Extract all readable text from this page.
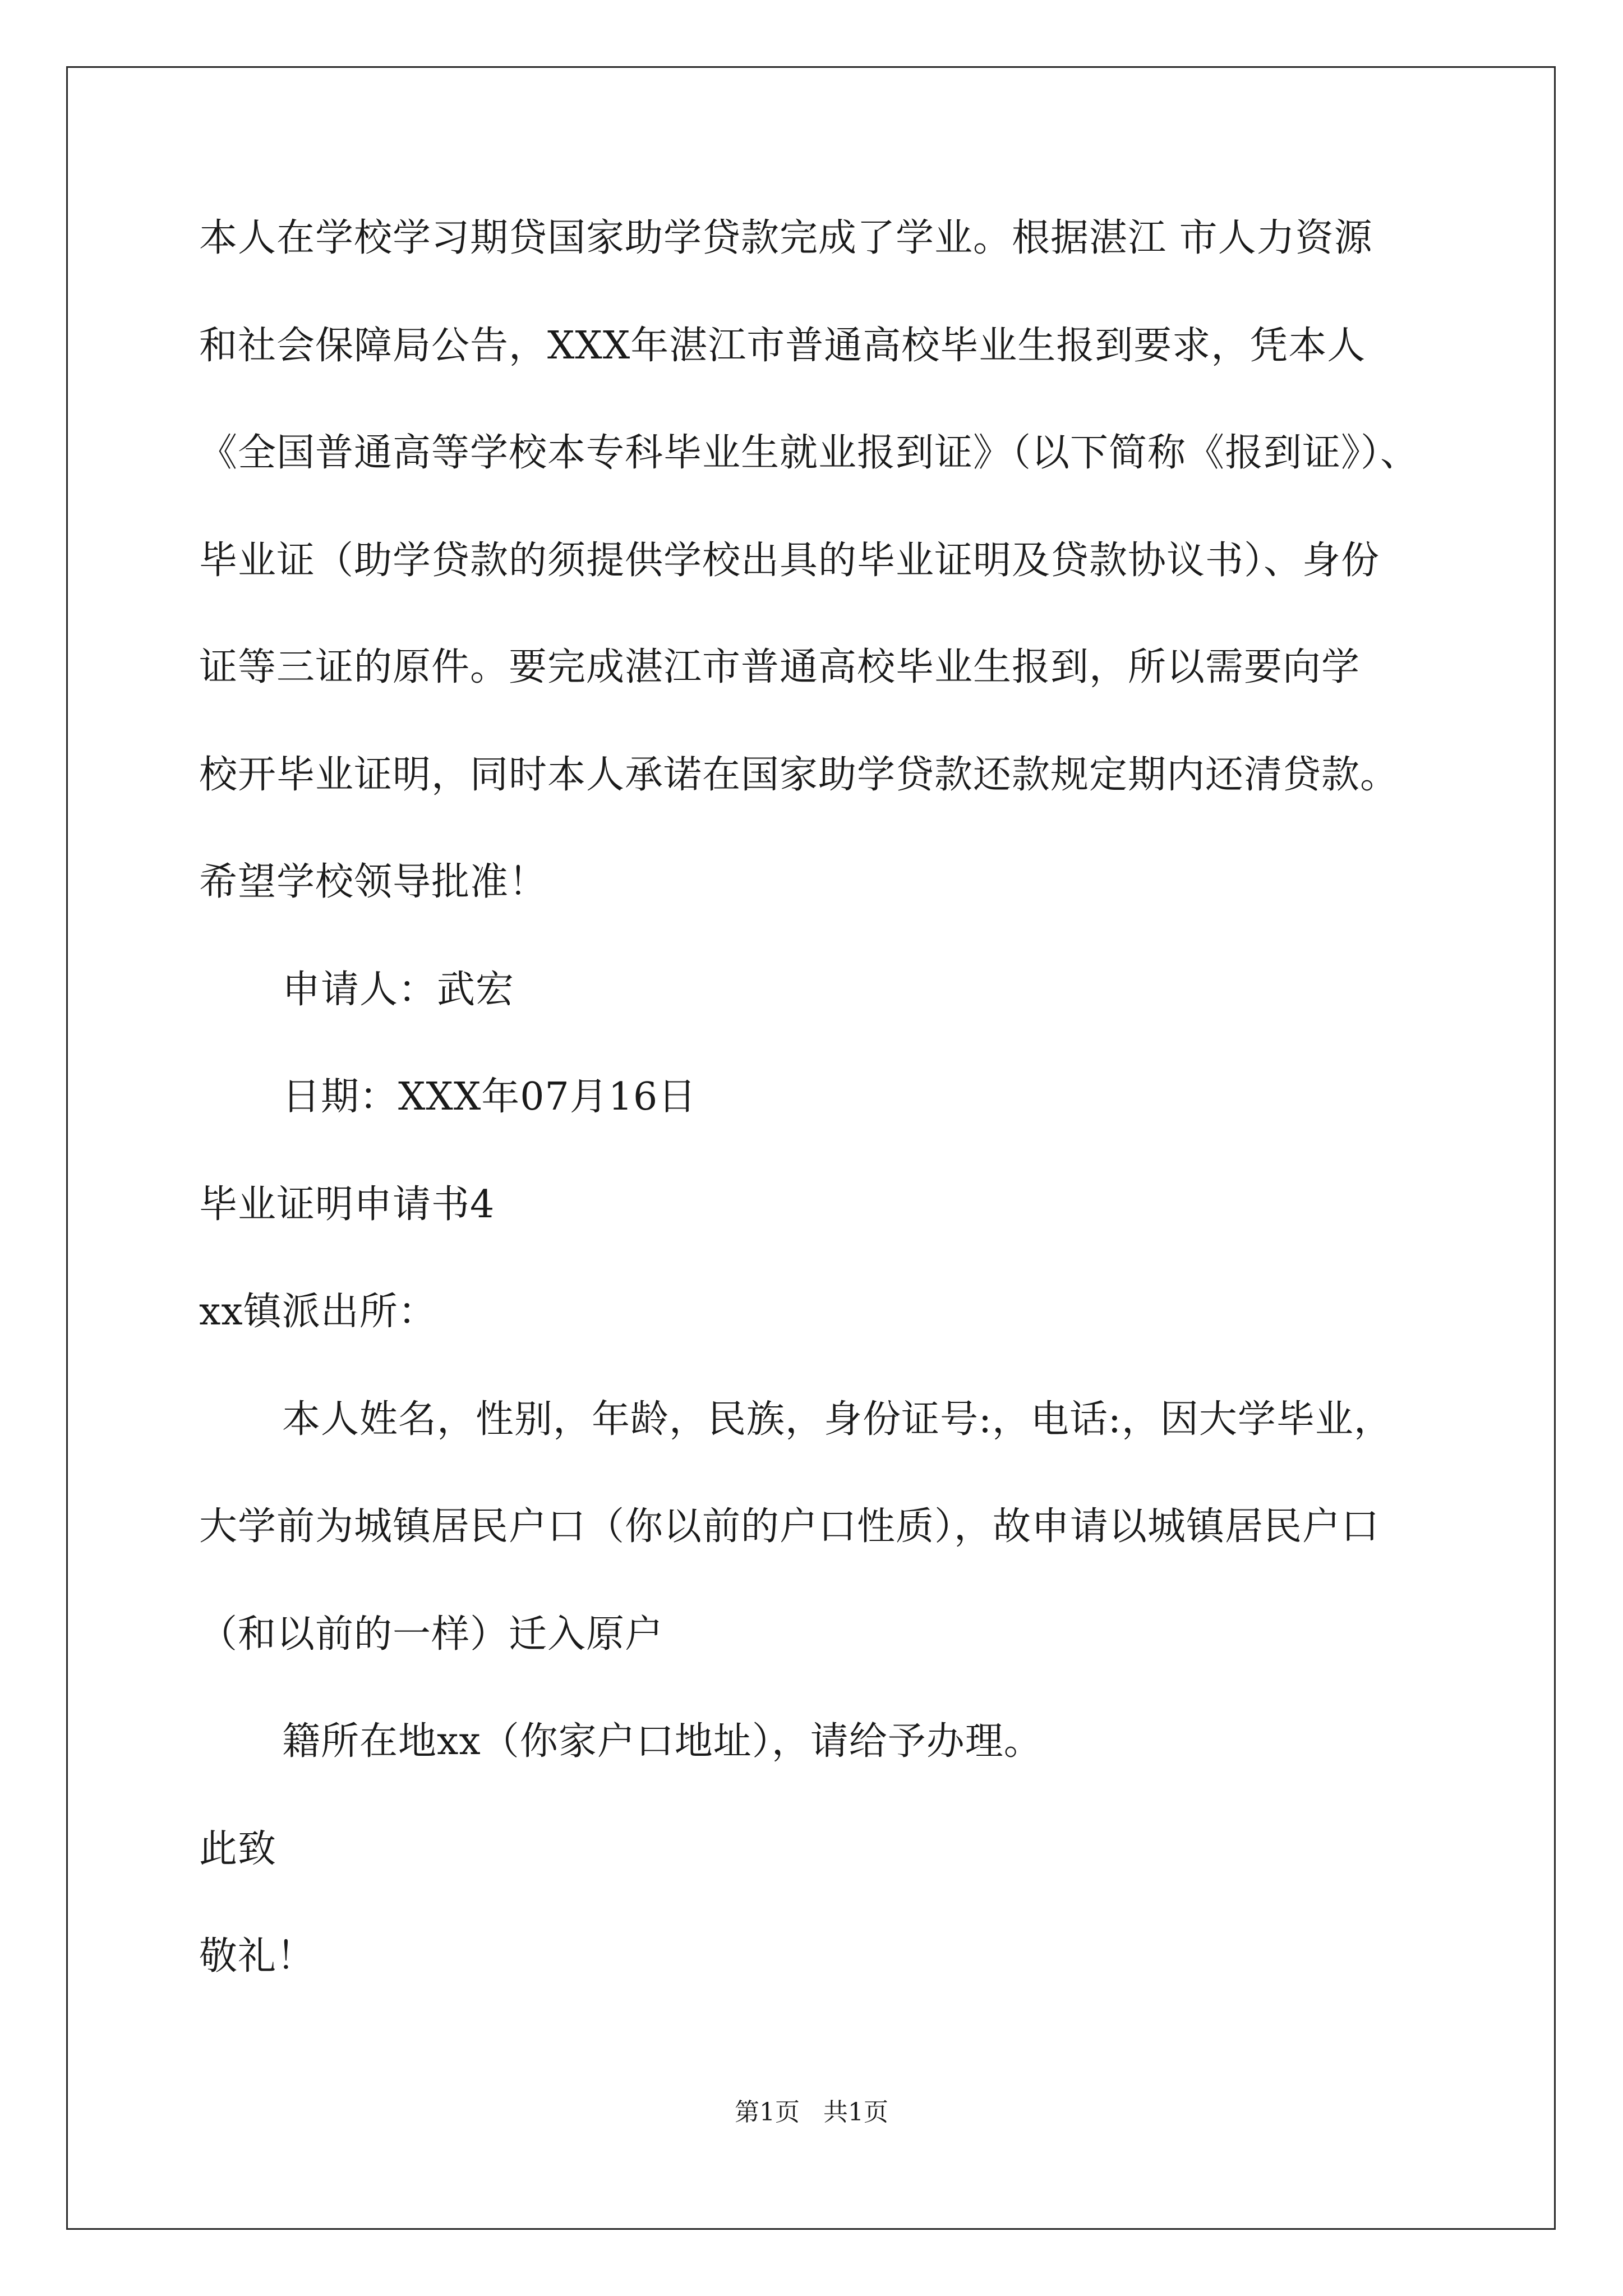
本人在学校学习期贷国家助学贷款完成了学业。根据湛江 市人力资源
和社会保障局公告，XXX年湛江市普通高校毕业生报到要求，凭本人
《全国普通高等学校本专科毕业生就业报到证》（以下简称《报到证》）、
毕业证（助学贷款的须提供学校出具的毕业证明及贷款协议书）、身份
证等三证的原件。要完成湛江市普通高校毕业生报到，所以需要向学
校开毕业证明，同时本人承诺在国家助学贷款还款规定期内还清贷款。
希望学校领导批准！
申请人：武宏
日期：XXX年07月16日
毕业证明申请书4
xx镇派出所：
本人姓名，性别，年龄，民族，身份证号:，电话:，因大学毕业，
大学前为城镇居民户口（你以前的户口性质），故申请以城镇居民户口
（和以前的一样）迁入原户
籍所在地xx（你家户口地址），请给予办理。
此致
敬礼！
第1页 共1页
